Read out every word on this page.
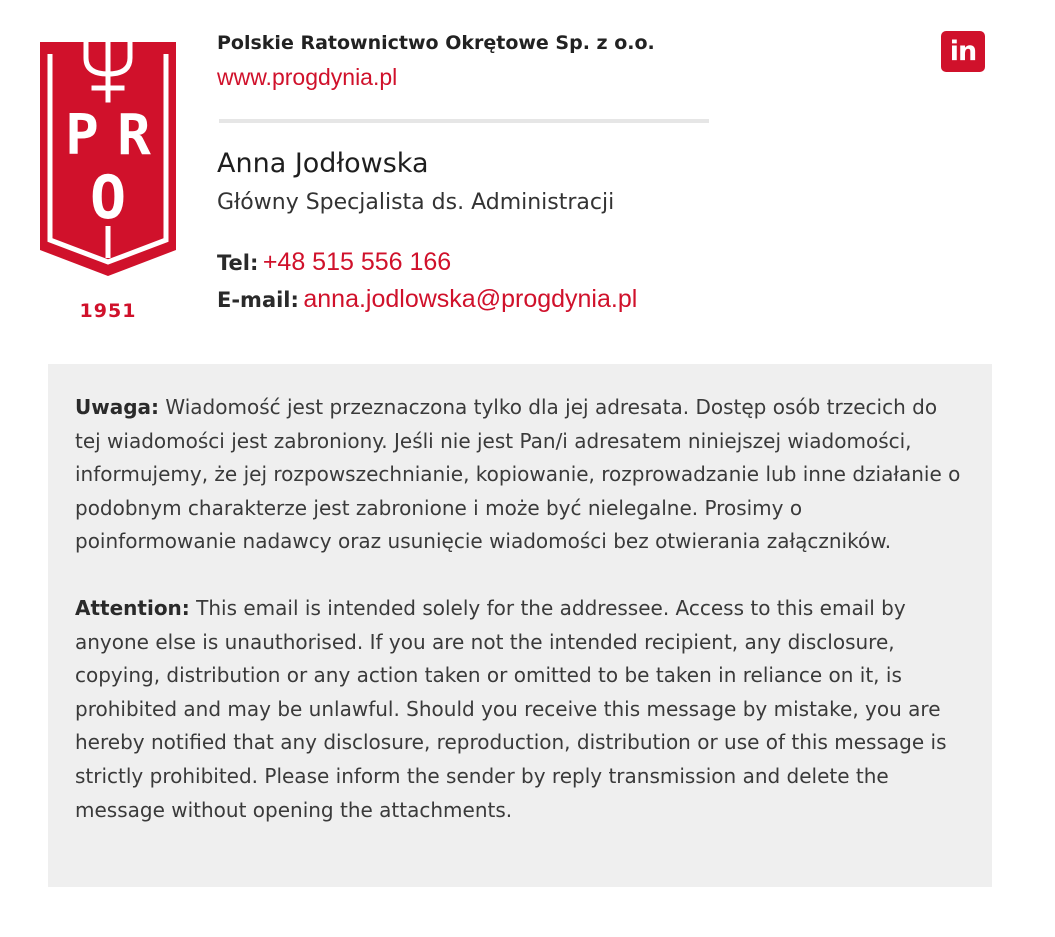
P R
O
1951
Polskie Ratownictwo Okrętowe Sp. z o.o.
www.progdynia.pl
Anna Jodłowska
Główny Specjalista ds. Administracji
Tel: +48 515 556 166
E-mail: anna.jodlowska@progdynia.pl
in

Uwaga: Wiadomość jest przeznaczona tylko dla jej adresata. Dostęp osób trzecich do tej wiadomości jest zabroniony. Jeśli nie jest Pan/i adresatem niniejszej wiadomości, informujemy, że jej rozpowszechnianie, kopiowanie, rozprowadzanie lub inne działanie o podobnym charakterze jest zabronione i może być nielegalne. Prosimy o poinformowanie nadawcy oraz usunięcie wiadomości bez otwierania załączników.

Attention: This email is intended solely for the addressee. Access to this email by anyone else is unauthorised. If you are not the intended recipient, any disclosure, copying, distribution or any action taken or omitted to be taken in reliance on it, is prohibited and may be unlawful. Should you receive this message by mistake, you are hereby notified that any disclosure, reproduction, distribution or use of this message is strictly prohibited. Please inform the sender by reply transmission and delete the message without opening the attachments.
